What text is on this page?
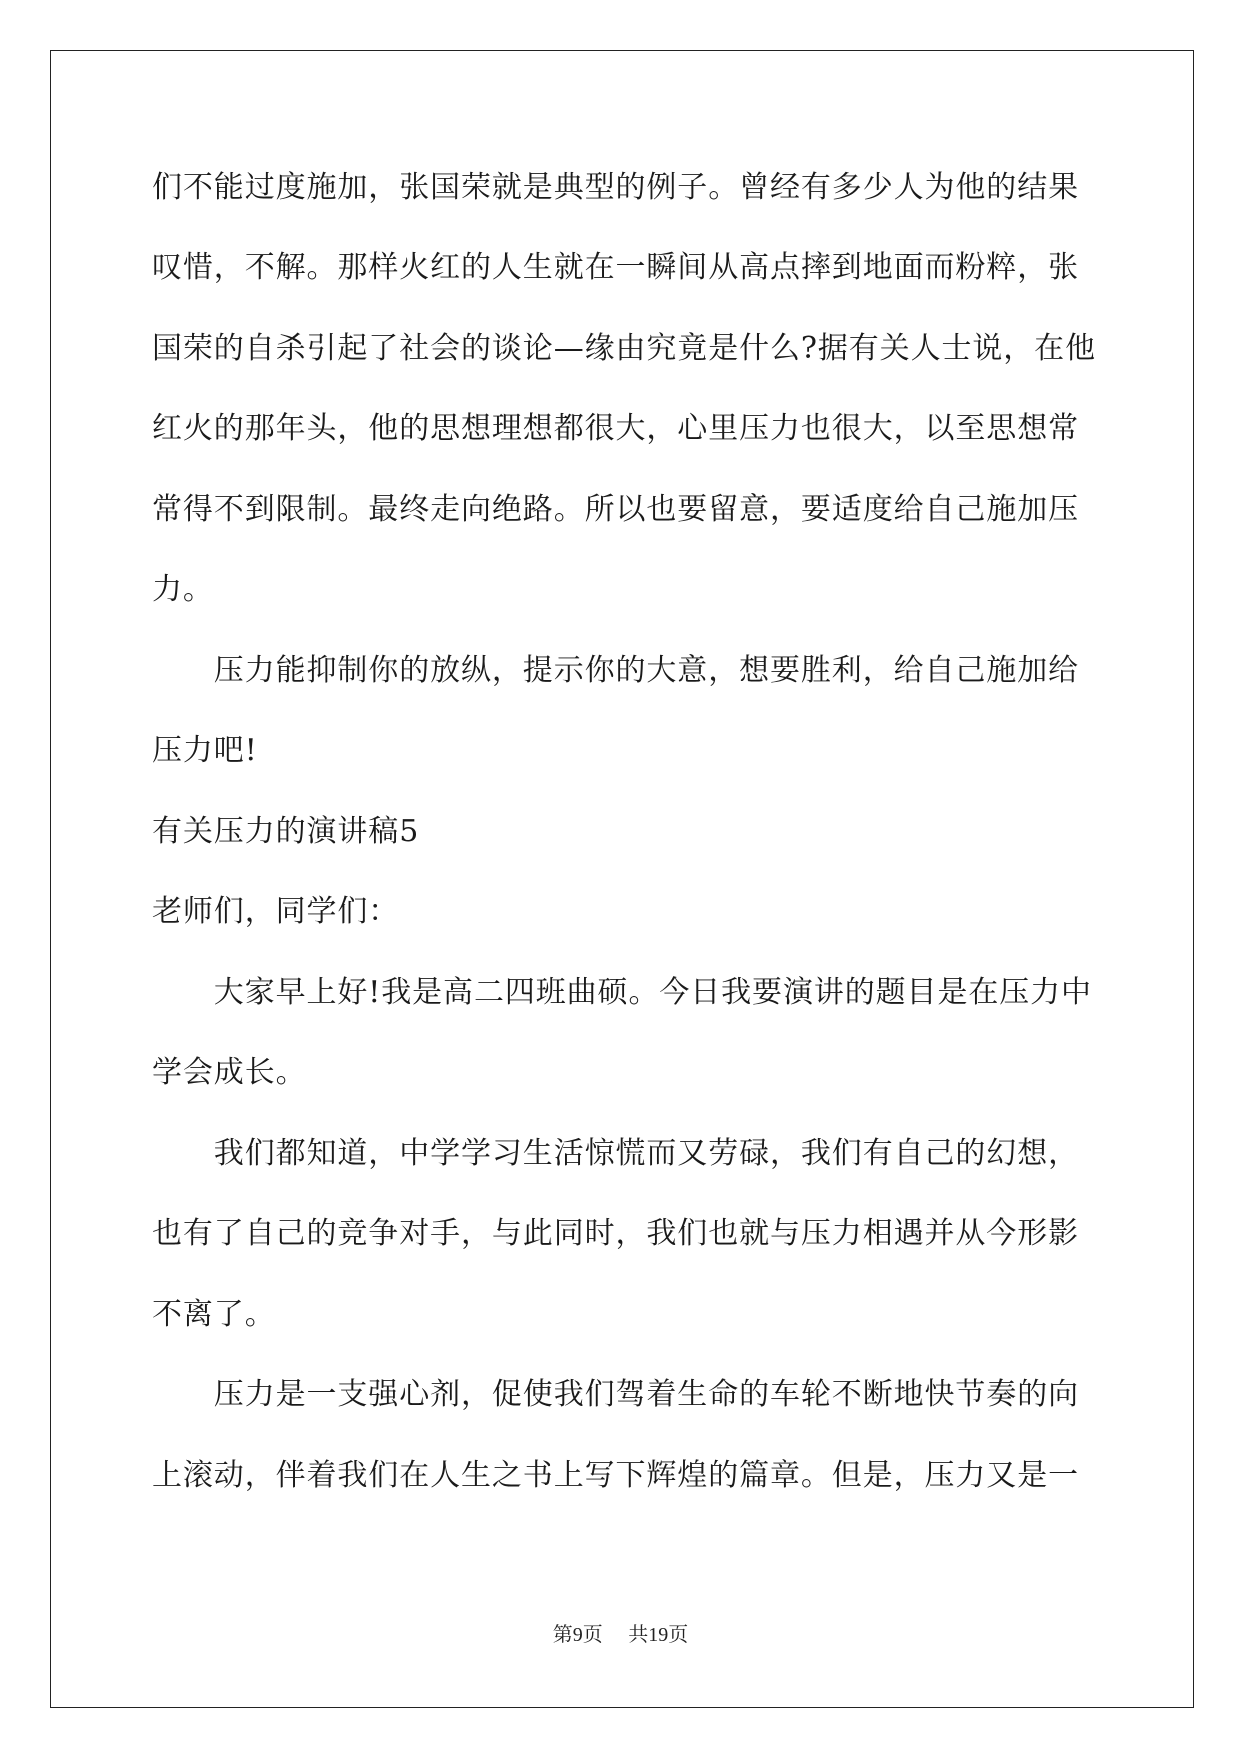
们不能过度施加，张国荣就是典型的例子。曾经有多少人为他的结果
叹惜，不解。那样火红的人生就在一瞬间从高点摔到地面而粉粹，张
国荣的自杀引起了社会的谈论—缘由究竟是什么?据有关人士说，在他
红火的那年头，他的思想理想都很大，心里压力也很大，以至思想常
常得不到限制。最终走向绝路。所以也要留意，要适度给自己施加压
力。
　　压力能抑制你的放纵，提示你的大意，想要胜利，给自己施加给
压力吧!
有关压力的演讲稿5
老师们，同学们：
　　大家早上好!我是高二四班曲硕。今日我要演讲的题目是在压力中
学会成长。
　　我们都知道，中学学习生活惊慌而又劳碌，我们有自己的幻想，
也有了自己的竞争对手，与此同时，我们也就与压力相遇并从今形影
不离了。
　　压力是一支强心剂，促使我们驾着生命的车轮不断地快节奏的向
上滚动，伴着我们在人生之书上写下辉煌的篇章。但是，压力又是一
第9页 共19页
